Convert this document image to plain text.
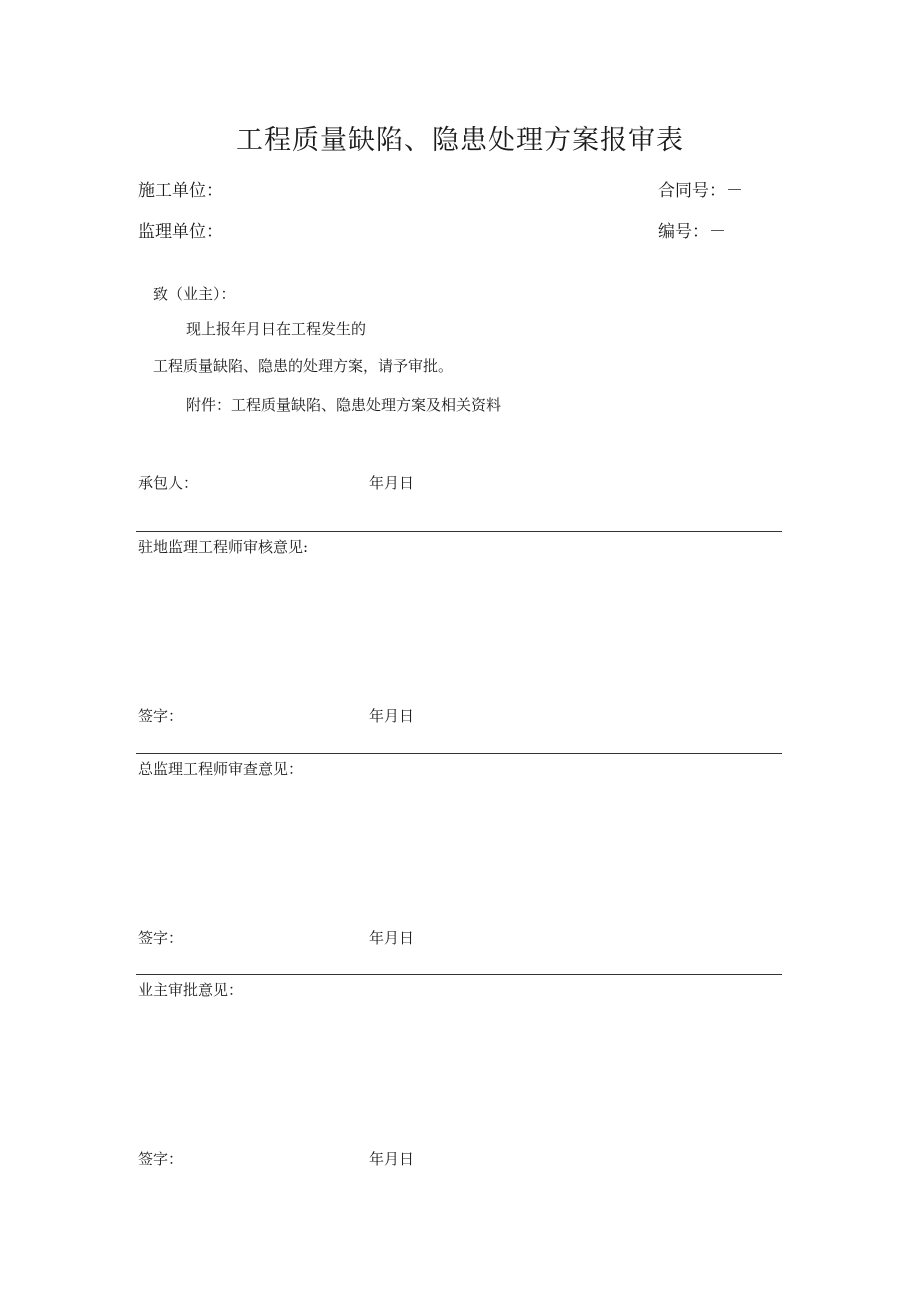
工程质量缺陷、隐患处理方案报审表
施工单位：	合同号：－
监理单位：	编号：－
致（业主）：
现上报年月日在工程发生的
工程质量缺陷、隐患的处理方案，请予审批。
附件：工程质量缺陷、隐患处理方案及相关资料
承包人：	年月日
驻地监理工程师审核意见:
签字：	年月日
总监理工程师审查意见：
签字：	年月日
业主审批意见：
签字：	年月日
